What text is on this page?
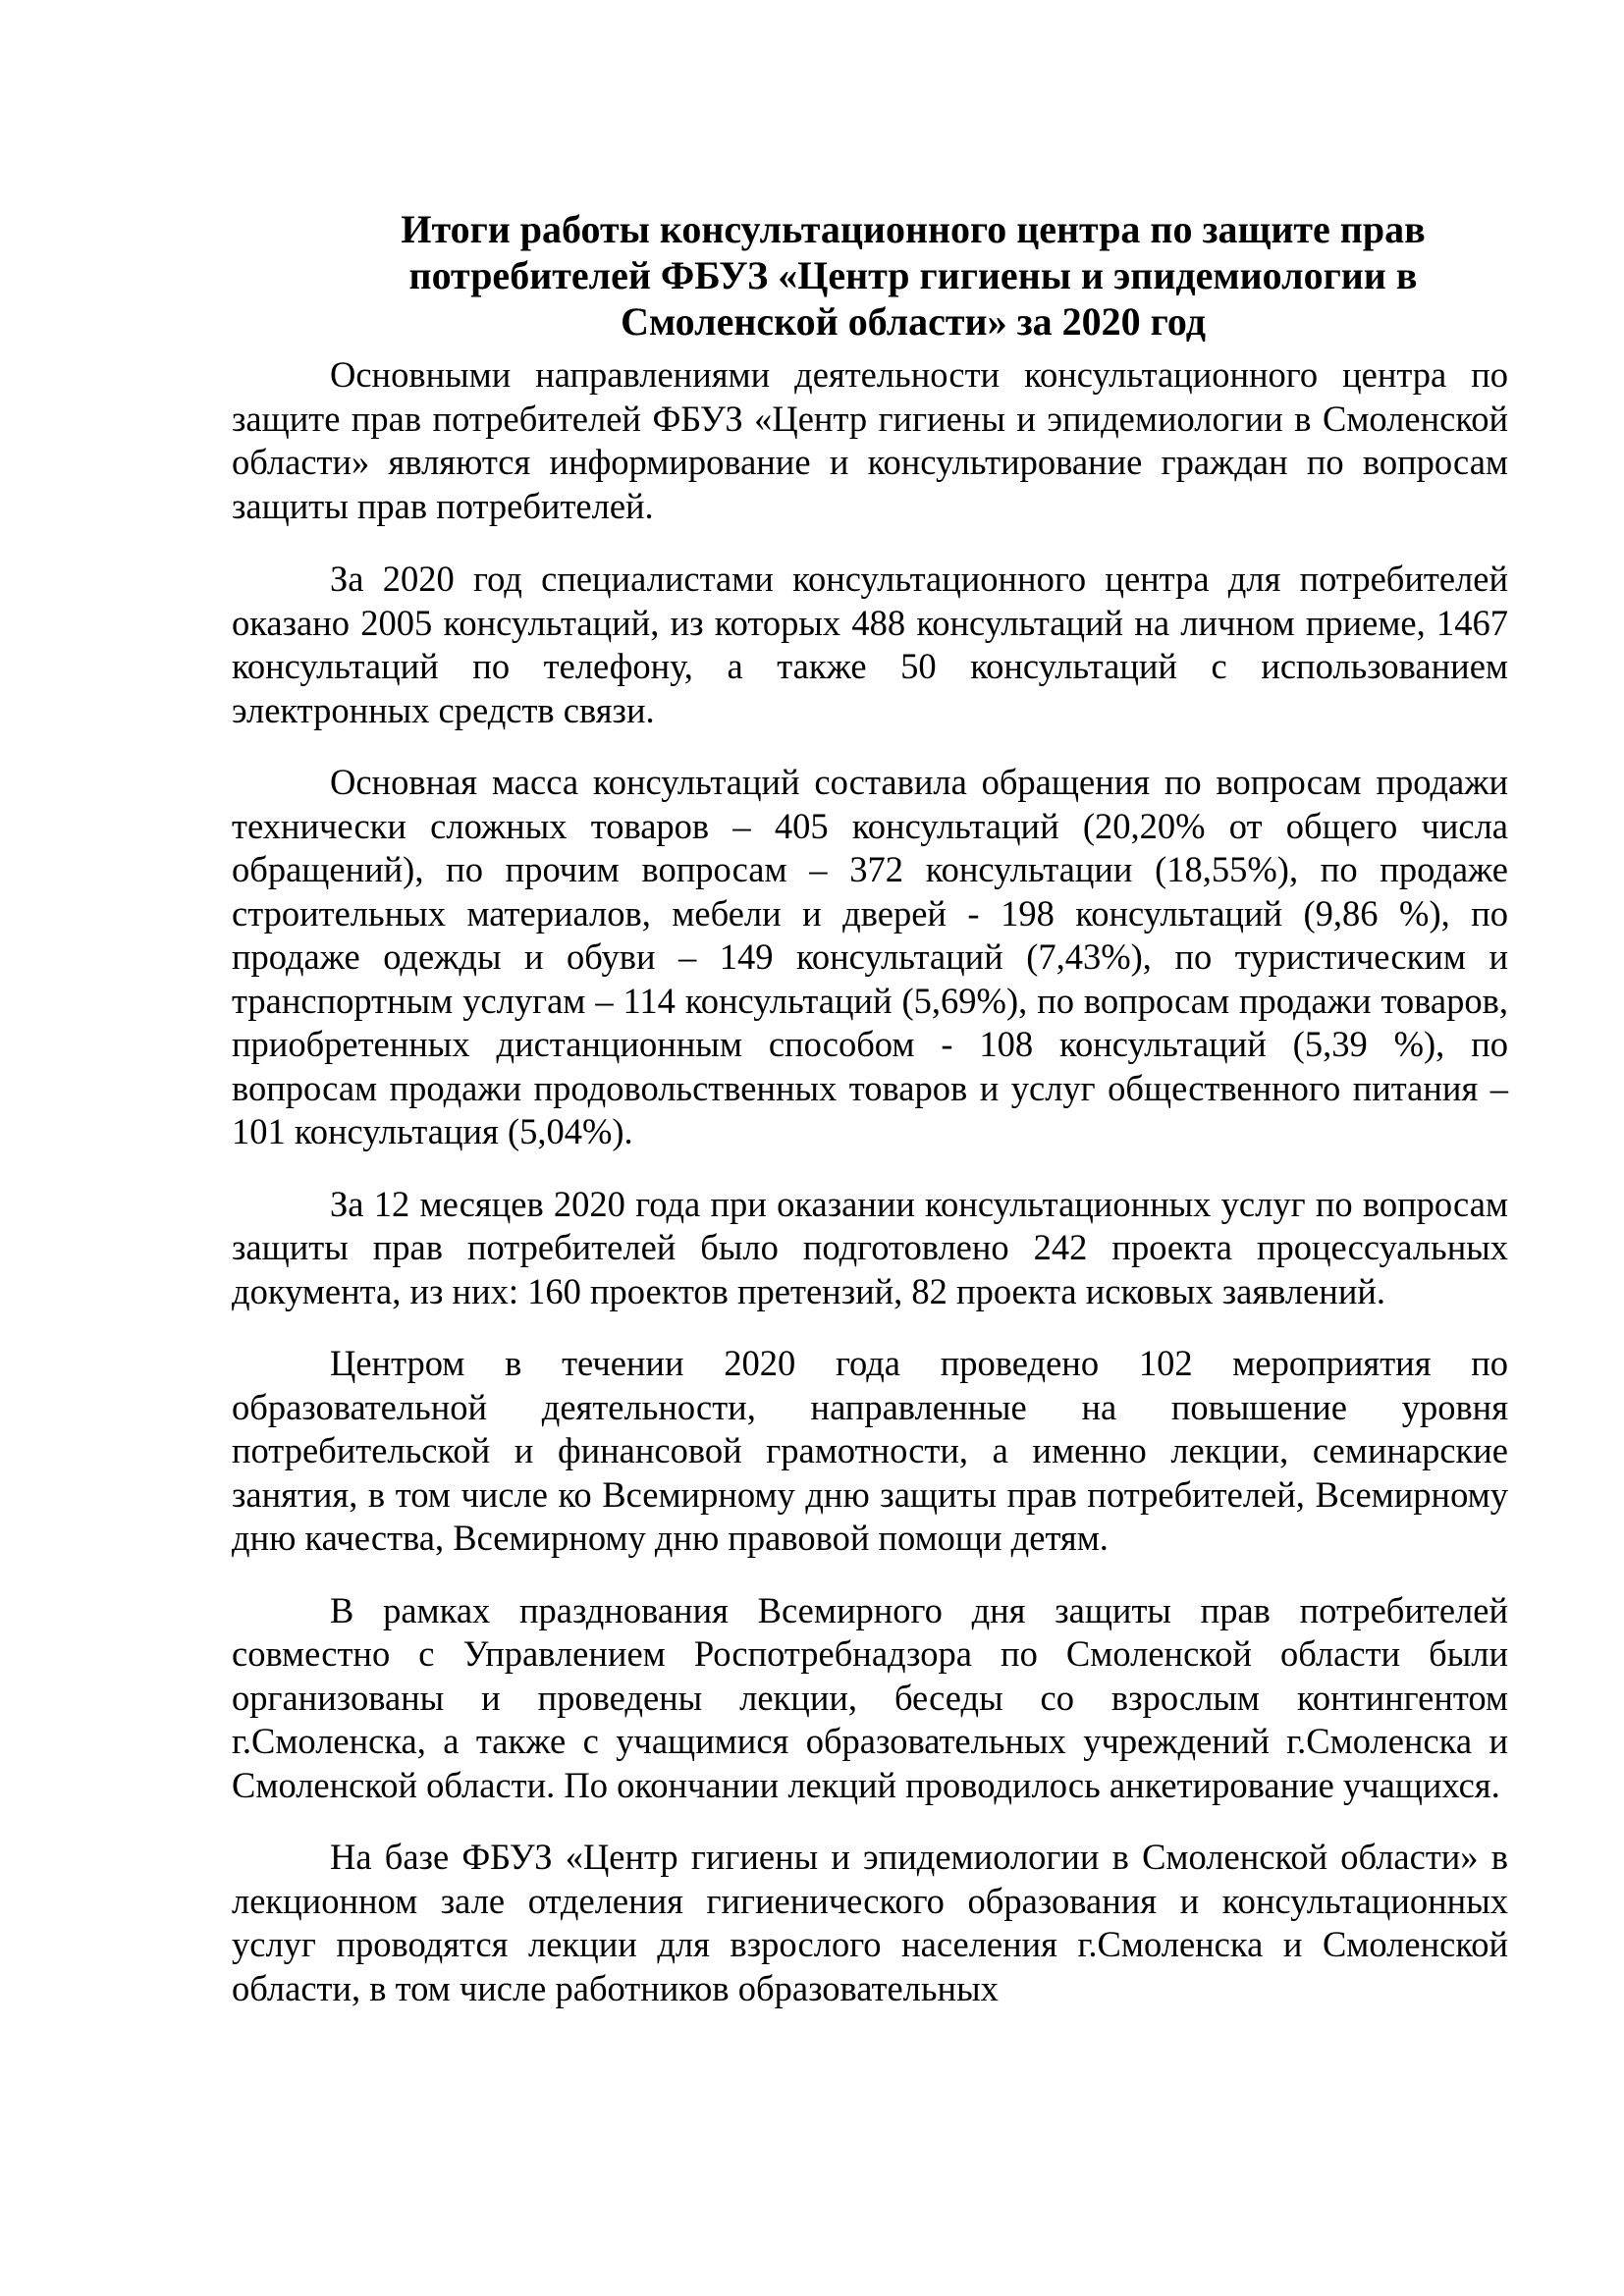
Итоги работы консультационного центра по защите прав
потребителей ФБУЗ «Центр гигиены и эпидемиологии в
Смоленской области» за 2020 год

Основными направлениями деятельности консультационного центра по защите прав потребителей ФБУЗ «Центр гигиены и эпидемиологии в Смоленской области» являются информирование и консультирование граждан по вопросам защиты прав потребителей.

За 2020 год специалистами консультационного центра для потребителей оказано 2005 консультаций, из которых 488 консультаций на личном приеме, 1467 консультаций по телефону, а также 50 консультаций с использованием электронных средств связи.

Основная масса консультаций составила обращения по вопросам продажи технически сложных товаров – 405 консультаций (20,20% от общего числа обращений), по прочим вопросам – 372 консультации (18,55%), по продаже строительных материалов, мебели и дверей - 198 консультаций (9,86 %), по продаже одежды и обуви – 149 консультаций (7,43%), по туристическим и транспортным услугам – 114 консультаций (5,69%), по вопросам продажи товаров, приобретенных дистанционным способом - 108 консультаций (5,39 %), по вопросам продажи продовольственных товаров и услуг общественного питания – 101 консультация (5,04%).

За 12 месяцев 2020 года при оказании консультационных услуг по вопросам защиты прав потребителей было подготовлено 242 проекта процессуальных документа, из них: 160 проектов претензий, 82 проекта исковых заявлений.

Центром в течении 2020 года проведено 102 мероприятия по образовательной деятельности, направленные на повышение уровня потребительской и финансовой грамотности, а именно лекции, семинарские занятия, в том числе ко Всемирному дню защиты прав потребителей, Всемирному дню качества, Всемирному дню правовой помощи детям.

В рамках празднования Всемирного дня защиты прав потребителей совместно с Управлением Роспотребнадзора по Смоленской области были организованы и проведены лекции, беседы со взрослым контингентом г.Смоленска, а также с учащимися образовательных учреждений г.Смоленска и Смоленской области. По окончании лекций проводилось анкетирование учащихся.

На базе ФБУЗ «Центр гигиены и эпидемиологии в Смоленской области» в лекционном зале отделения гигиенического образования и консультационных услуг проводятся лекции для взрослого населения г.Смоленска и Смоленской области, в том числе работников образовательных
